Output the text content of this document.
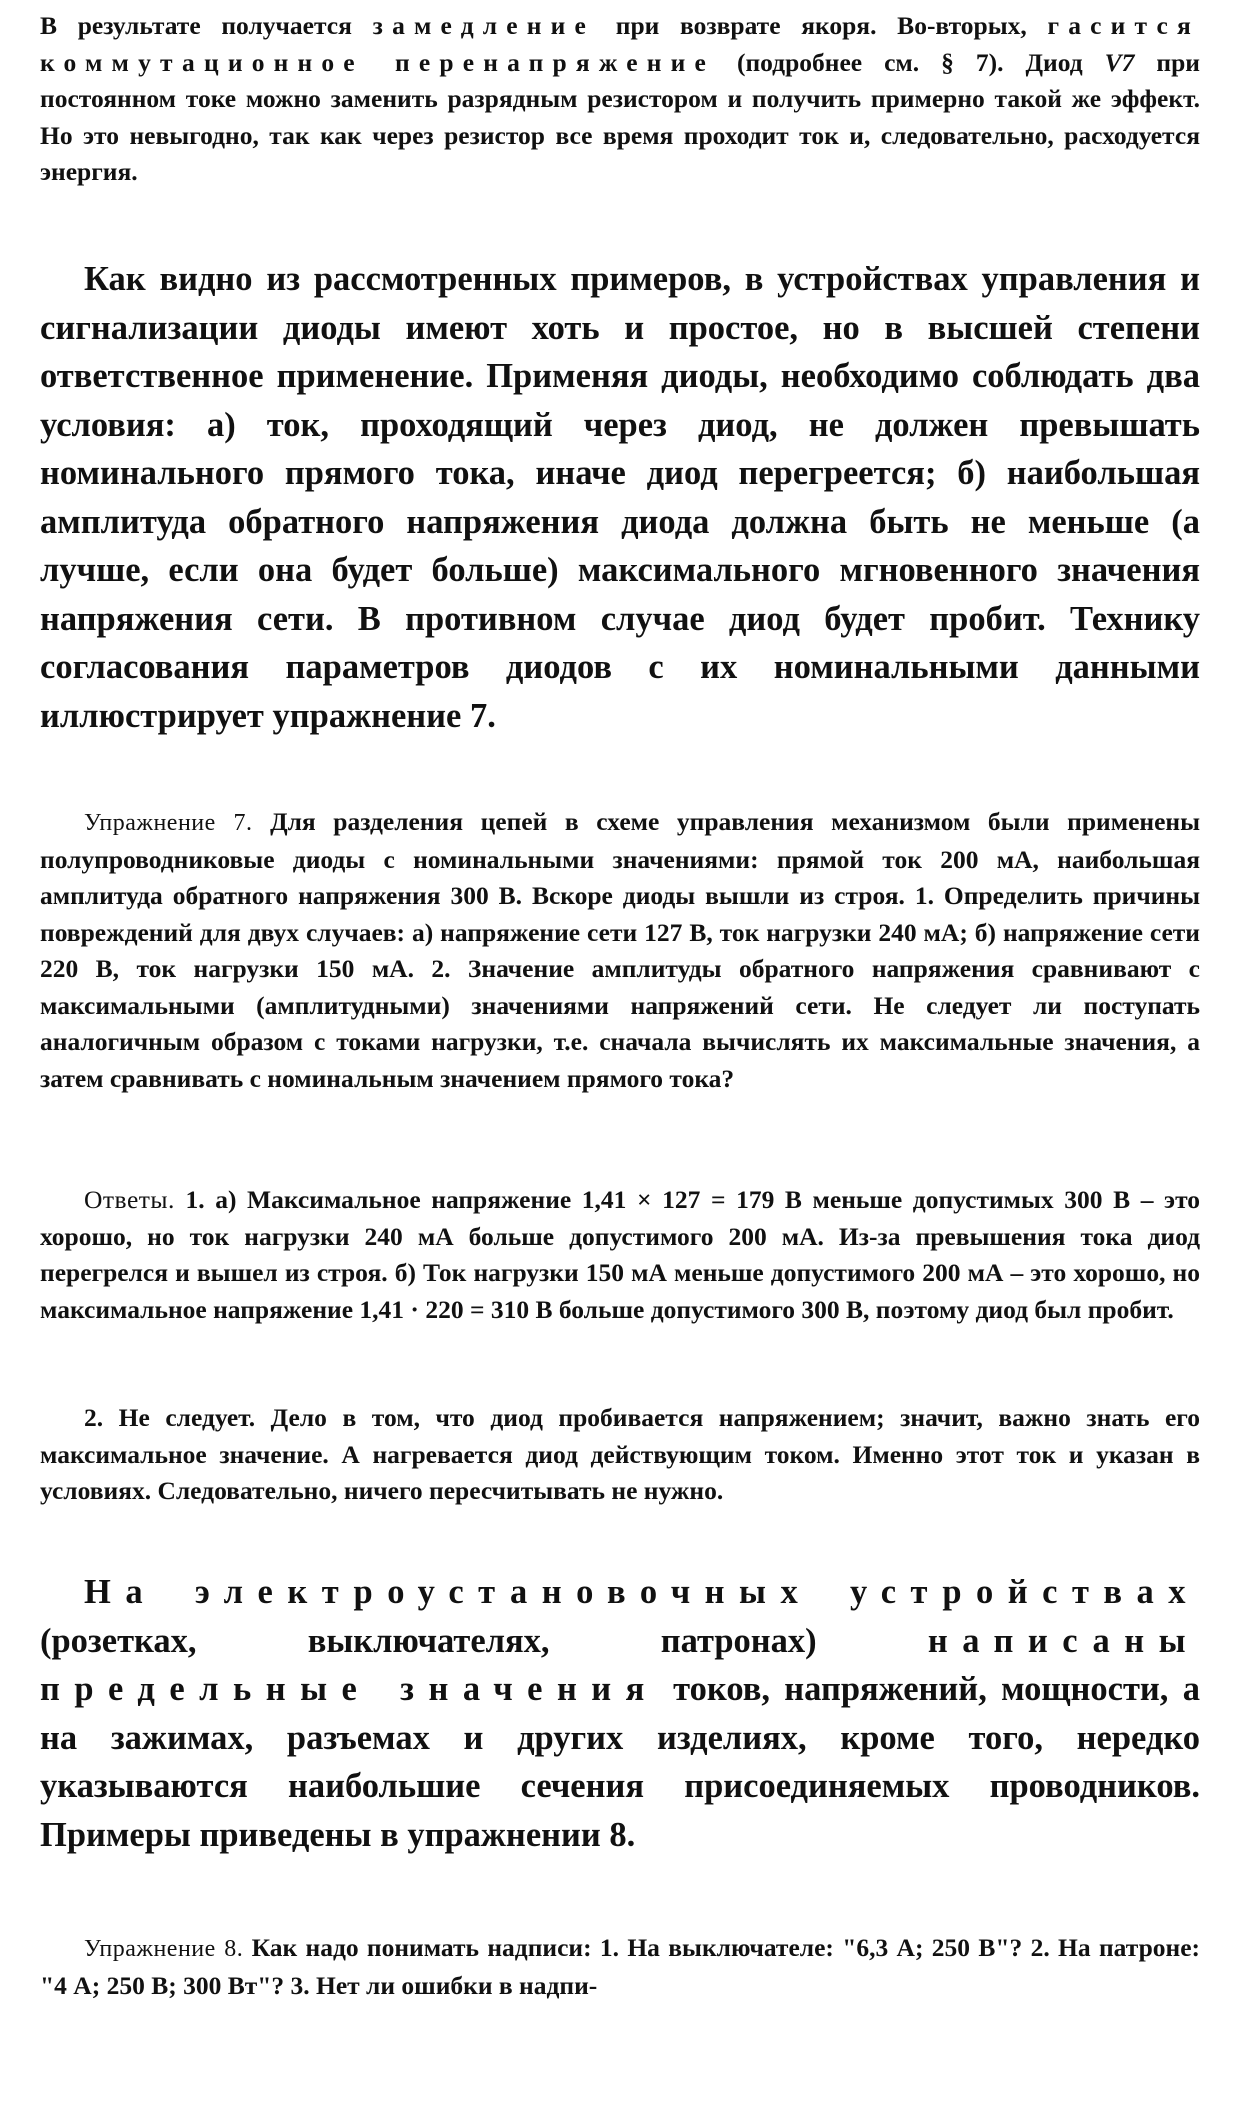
В результате получается замедление при возврате якоря. Во-вторых, гасится коммутационное перенапряжение (подробнее см. § 7). Диод V7 при постоянном токе можно заменить разрядным резистором и получить примерно такой же эффект. Но это невыгодно, так как через резистор все время проходит ток и, следовательно, расходуется энергия.

Как видно из рассмотренных примеров, в устройствах управления и сигнализации диоды имеют хоть и простое, но в высшей степени ответственное применение. Применяя диоды, необходимо соблюдать два условия: а) ток, проходящий через диод, не должен превышать номинального прямого тока, иначе диод перегреется; б) наибольшая амплитуда обратного напряжения диода должна быть не меньше (а лучше, если она будет больше) максимального мгновенного значения напряжения сети. В противном случае диод будет пробит. Технику согласования параметров диодов с их номинальными данными иллюстрирует упражнение 7.

Упражнение 7. Для разделения цепей в схеме управления механизмом были применены полупроводниковые диоды с номинальными значениями: прямой ток 200 мА, наибольшая амплитуда обратного напряжения 300 В. Вскоре диоды вышли из строя. 1. Определить причины повреждений для двух случаев: а) напряжение сети 127 В, ток нагрузки 240 мА; б) напряжение сети 220 В, ток нагрузки 150 мА. 2. Значение амплитуды обратного напряжения сравнивают с максимальными (амплитудными) значениями напряжений сети. Не следует ли поступать аналогичным образом с токами нагрузки, т.е. сначала вычислять их максимальные значения, а затем сравнивать с номинальным значением прямого тока?

Ответы. 1. а) Максимальное напряжение 1,41 × 127 = 179 В меньше допустимых 300 В – это хорошо, но ток нагрузки 240 мА больше допустимого 200 мА. Из-за превышения тока диод перегрелся и вышел из строя. б) Ток нагрузки 150 мА меньше допустимого 200 мА – это хорошо, но максимальное напряжение 1,41 · 220 = 310 В больше допустимого 300 В, поэтому диод был пробит.

2. Не следует. Дело в том, что диод пробивается напряжением; значит, важно знать его максимальное значение. А нагревается диод действующим током. Именно этот ток и указан в условиях. Следовательно, ничего пересчитывать не нужно.

На электроустановочных устройствах (розетках, выключателях, патронах)	написаны предельные значения токов, напряжений, мощности, а на зажимах, разъемах и других изделиях, кроме того, нередко указываются наибольшие сечения присоединяемых проводников. Примеры приведены в упражнении 8.

Упражнение 8. Как надо понимать надписи: 1. На выключателе: "6,3 А; 250 В"? 2. На патроне: "4 А; 250 В; 300 Вт"? 3. Нет ли ошибки в надпи-
